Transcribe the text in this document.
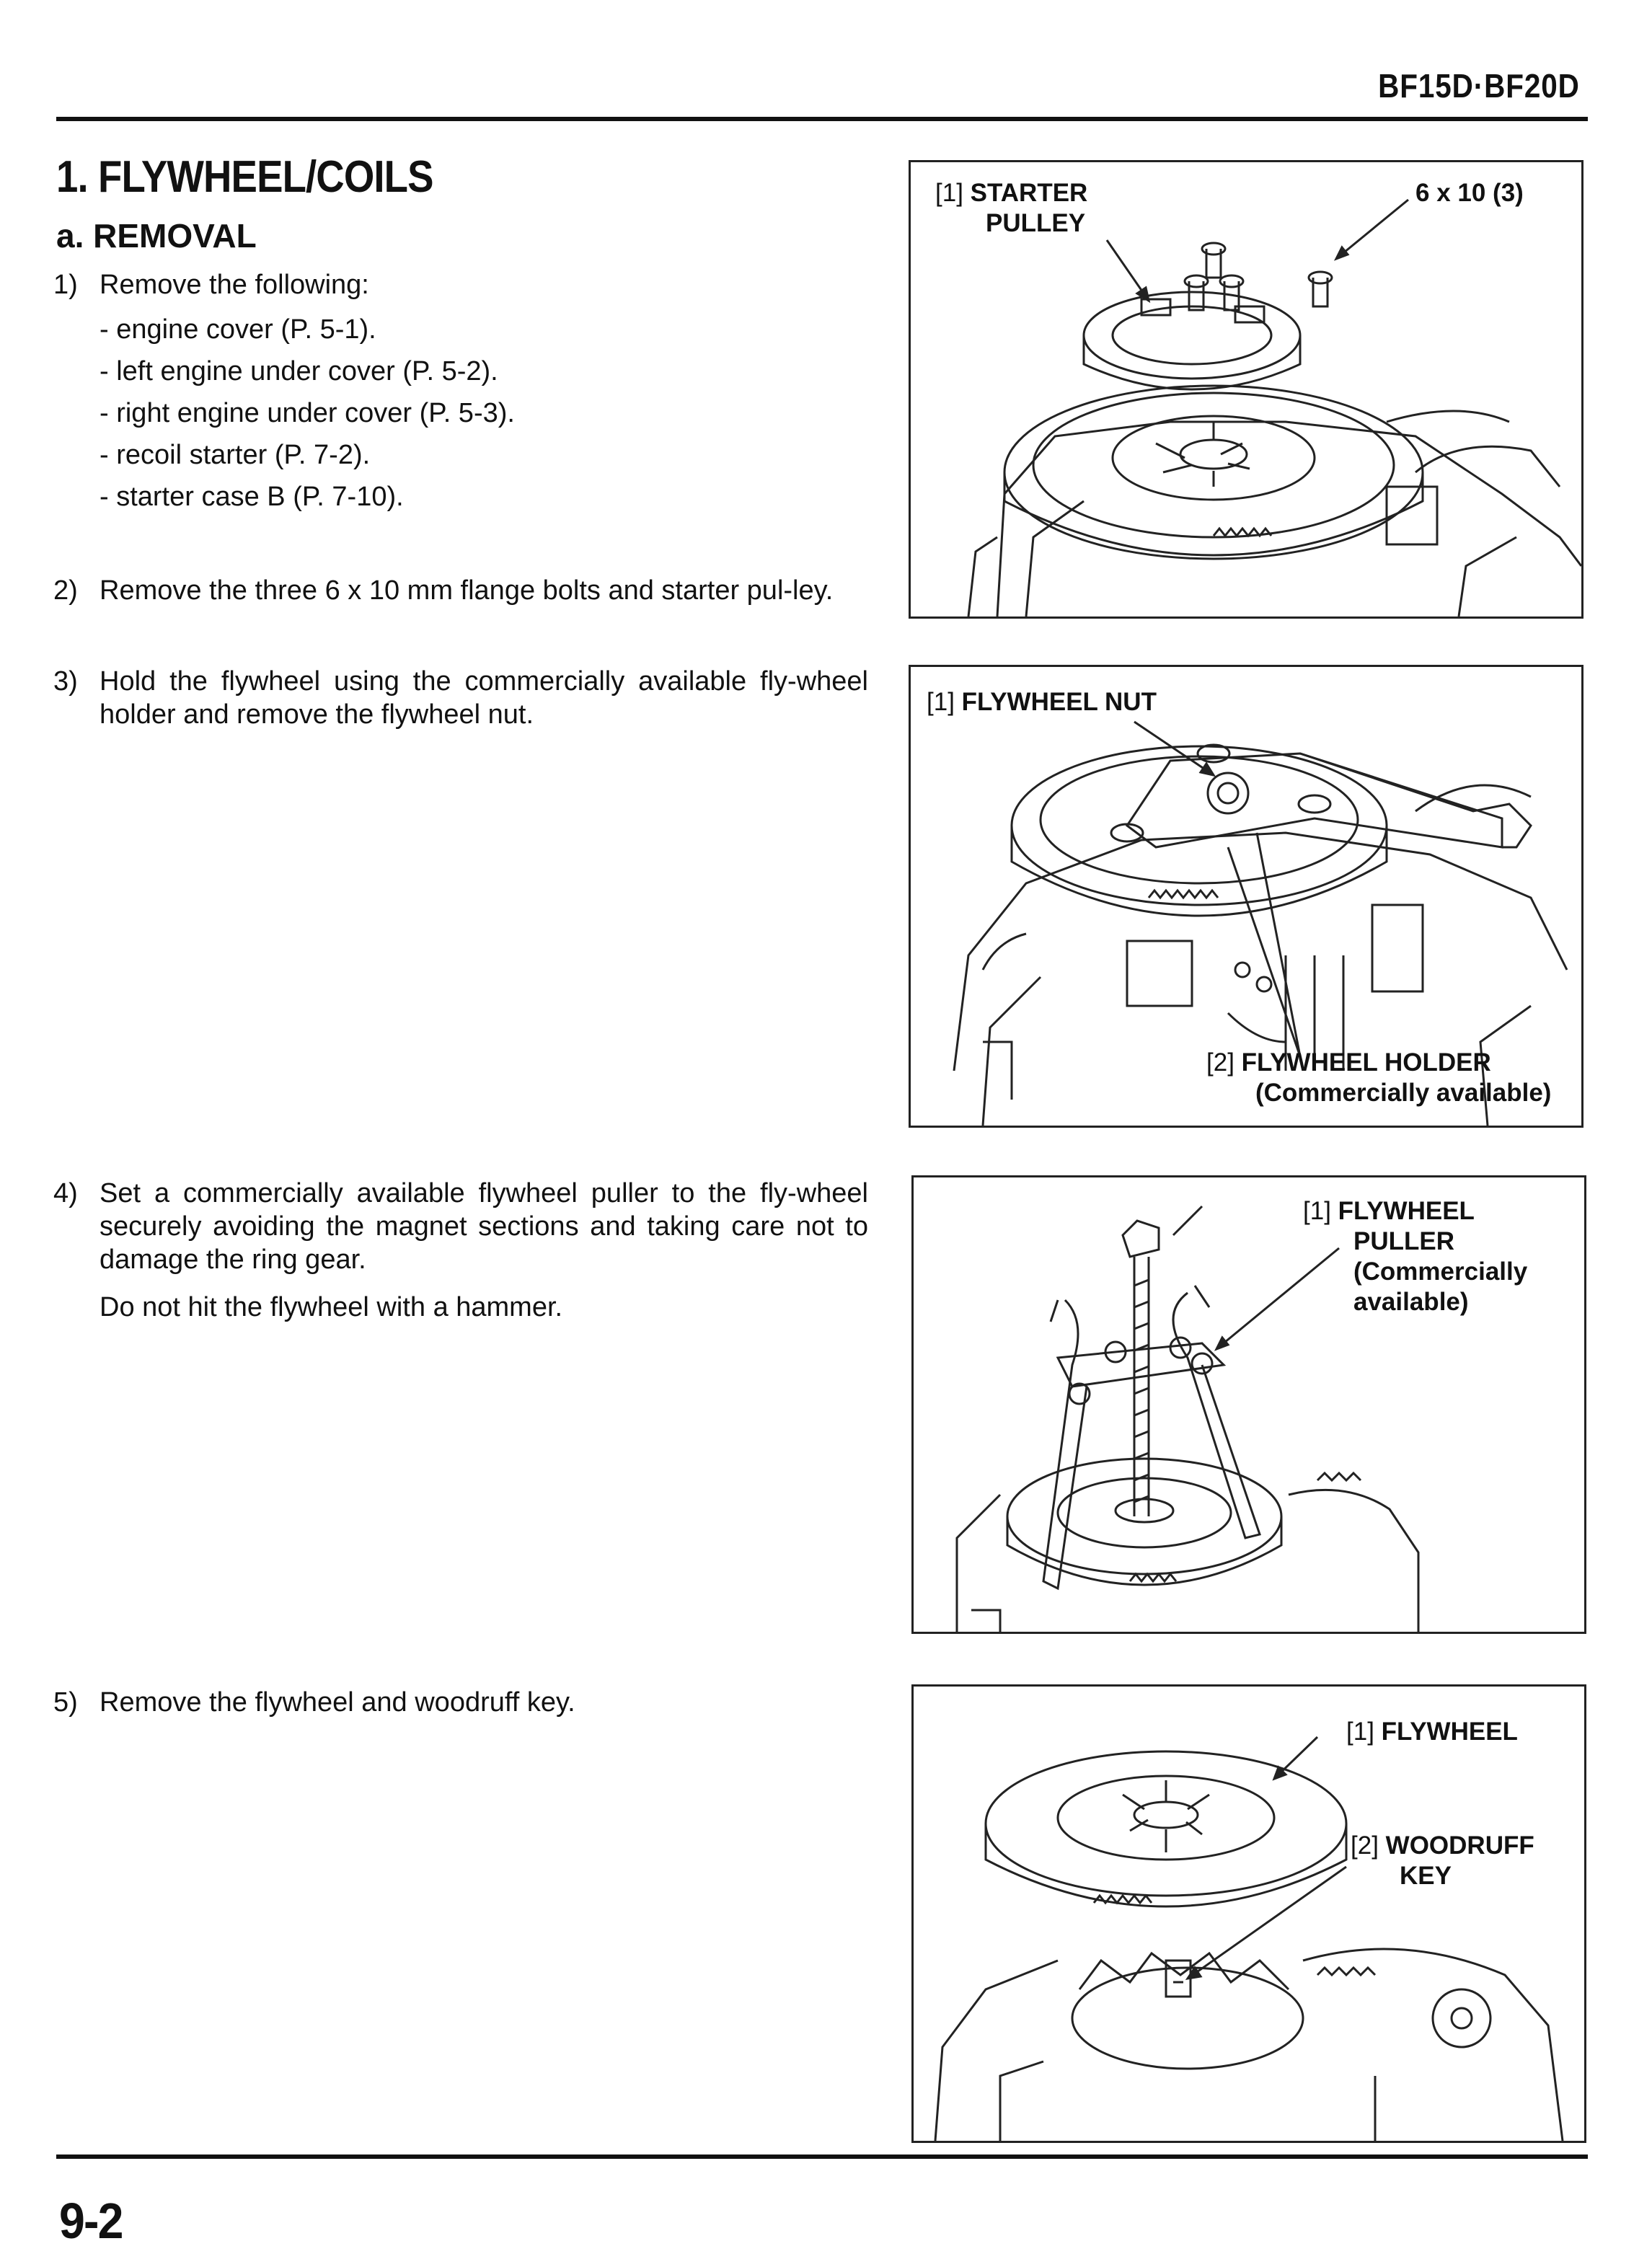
BF15D·BF20D
1. FLYWHEEL/COILS
a. REMOVAL
1) Remove the following:
- engine cover (P. 5-1).
- left engine under cover (P. 5-2).
- right engine under cover (P. 5-3).
- recoil starter (P. 7-2).
- starter case B (P. 7-10).
2) Remove the three 6 x 10 mm flange bolts and starter pul-ley.
3) Hold the flywheel using the commercially available fly-wheel holder and remove the flywheel nut.
4) Set a commercially available flywheel puller to the fly-wheel securely avoiding the magnet sections and taking care not to damage the ring gear.
Do not hit the flywheel with a hammer.
5) Remove the flywheel and woodruff key.
[1] STARTER
PULLEY
6 x 10 (3)
[1] FLYWHEEL NUT
[2] FLYWHEEL HOLDER
(Commercially available)
[1] FLYWHEEL
PULLER
(Commercially
available)
[1] FLYWHEEL
[2] WOODRUFF
KEY
9-2
